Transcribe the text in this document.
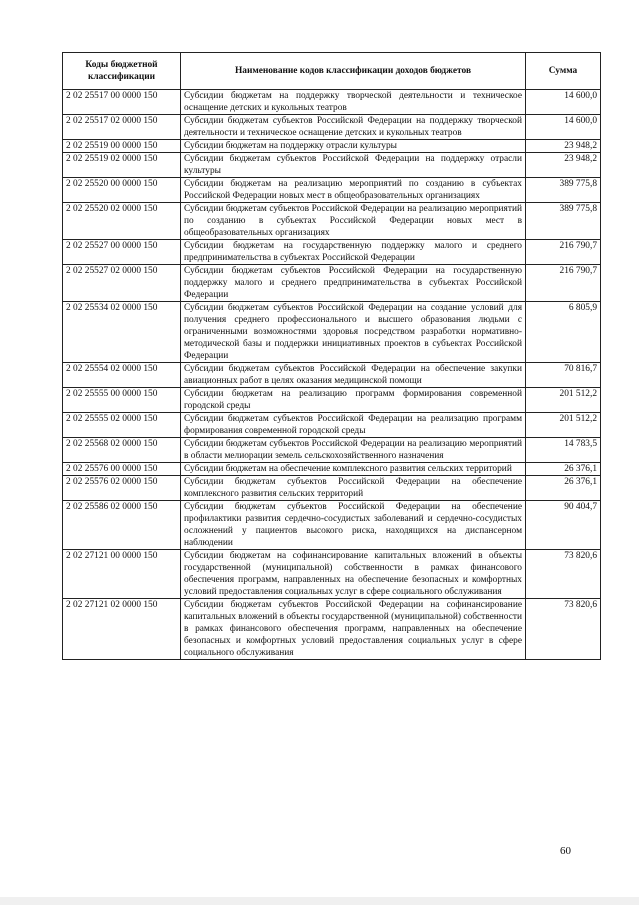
Коды бюджетной классификации	Наименование кодов классификации доходов бюджетов	Сумма
2 02 25517 00 0000 150	Субсидии бюджетам на поддержку творческой деятельности и техническое оснащение детских и кукольных театров	14 600,0
2 02 25517 02 0000 150	Субсидии бюджетам субъектов Российской Федерации на поддержку творческой деятельности и техническое оснащение детских и кукольных театров	14 600,0
2 02 25519 00 0000 150	Субсидии бюджетам на поддержку отрасли культуры	23 948,2
2 02 25519 02 0000 150	Субсидии бюджетам субъектов Российской Федерации на поддержку отрасли культуры	23 948,2
2 02 25520 00 0000 150	Субсидии бюджетам на реализацию мероприятий по созданию в субъектах Российской Федерации новых мест в общеобразовательных организациях	389 775,8
2 02 25520 02 0000 150	Субсидии бюджетам субъектов Российской Федерации на реализацию мероприятий по созданию в субъектах Российской Федерации новых мест в общеобразовательных организациях	389 775,8
2 02 25527 00 0000 150	Субсидии бюджетам на государственную поддержку малого и среднего предпринимательства в субъектах Российской Федерации	216 790,7
2 02 25527 02 0000 150	Субсидии бюджетам субъектов Российской Федерации на государственную поддержку малого и среднего предпринимательства в субъектах Российской Федерации	216 790,7
2 02 25534 02 0000 150	Субсидии бюджетам субъектов Российской Федерации на создание условий для получения среднего профессионального и высшего образования людьми с ограниченными возможностями здоровья посредством разработки нормативно-методической базы и поддержки инициативных проектов в субъектах Российской Федерации	6 805,9
2 02 25554 02 0000 150	Субсидии бюджетам субъектов Российской Федерации на обеспечение закупки авиационных работ в целях оказания медицинской помощи	70 816,7
2 02 25555 00 0000 150	Субсидии бюджетам на реализацию программ формирования современной городской среды	201 512,2
2 02 25555 02 0000 150	Субсидии бюджетам субъектов Российской Федерации на реализацию программ формирования современной городской среды	201 512,2
2 02 25568 02 0000 150	Субсидии бюджетам субъектов Российской Федерации на реализацию мероприятий в области мелиорации земель сельскохозяйственного назначения	14 783,5
2 02 25576 00 0000 150	Субсидии бюджетам на обеспечение комплексного развития сельских территорий	26 376,1
2 02 25576 02 0000 150	Субсидии бюджетам субъектов Российской Федерации на обеспечение комплексного развития сельских территорий	26 376,1
2 02 25586 02 0000 150	Субсидии бюджетам субъектов Российской Федерации на обеспечение профилактики развития сердечно-сосудистых заболеваний и сердечно-сосудистых осложнений у пациентов высокого риска, находящихся на диспансерном наблюдении	90 404,7
2 02 27121 00 0000 150	Субсидии бюджетам на софинансирование капитальных вложений в объекты государственной (муниципальной) собственности в рамках финансового обеспечения программ, направленных на обеспечение безопасных и комфортных условий предоставления социальных услуг в сфере социального обслуживания	73 820,6
2 02 27121 02 0000 150	Субсидии бюджетам субъектов Российской Федерации на софинансирование капитальных вложений в объекты государственной (муниципальной) собственности в рамках финансового обеспечения программ, направленных на обеспечение безопасных и комфортных условий предоставления социальных услуг в сфере социального обслуживания	73 820,6
60
